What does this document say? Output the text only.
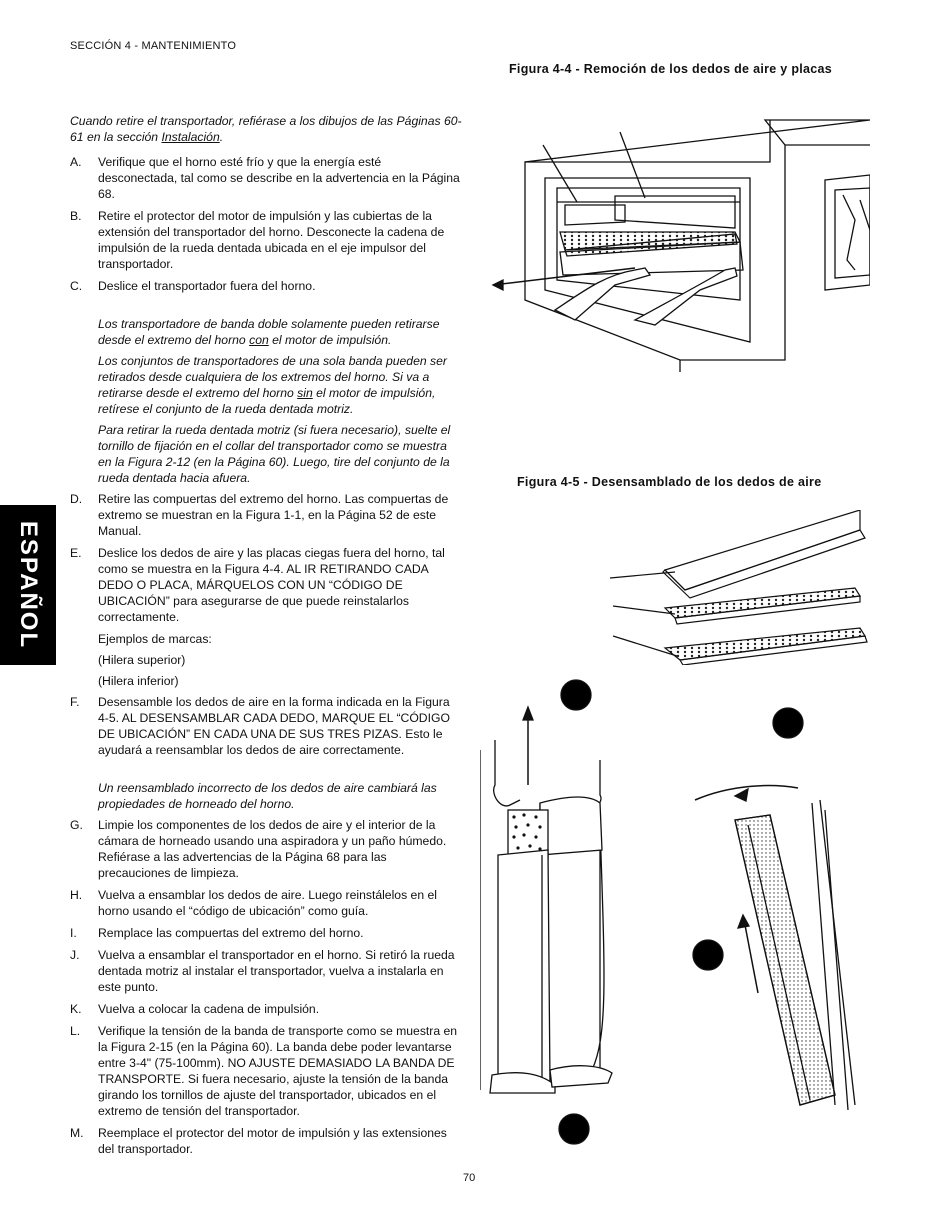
SECCIÓN 4 - MANTENIMIENTO
Figura 4-4 - Remoción de los dedos de aire y placas
Figura 4-5 - Desensamblado de los dedos de aire
Cuando retire el transportador, refiérase a los dibujos de las Páginas 60-61 en la sección Instalación.
A.	Verifique que el horno esté frío y que la energía esté desconectada, tal como se describe en la advertencia en la Página 68.
B.	Retire el protector del motor de impulsión y las cubiertas de la extensión del transportador del horno. Desconecte la cadena de impulsión de la rueda dentada ubicada en el eje impulsor del transportador.
C.	Deslice el transportador fuera del horno.
Los transportadore de banda doble solamente pueden retirarse desde el extremo del horno con el motor de impulsión.
Los conjuntos de transportadores de una sola banda pueden ser retirados desde cualquiera de los extremos del horno. Si va a retirarse desde el extremo del horno sin el motor de impulsión, retírese el conjunto de la rueda dentada motriz.
Para retirar la rueda dentada motriz (si fuera necesario), suelte el tornillo de fijación en el collar del transportador como se muestra en la Figura 2-12 (en la Página 60). Luego, tire del conjunto de la rueda dentada hacia afuera.
D.	Retire las compuertas del extremo del horno. Las compuertas de extremo se muestran en la Figura 1-1, en la Página 52 de este Manual.
E.	Deslice los dedos de aire y las placas ciegas fuera del horno, tal como se muestra en la Figura 4-4. AL IR RETIRANDO CADA DEDO O PLACA, MÁRQUELOS CON UN “CÓDIGO DE UBICACIÓN” para asegurarse de que puede reinstalarlos correctamente.
Ejemplos de marcas:
(Hilera superior)
(Hilera inferior)
F.	Desensamble los dedos de aire en la forma indicada en la Figura 4-5. AL DESENSAMBLAR CADA DEDO, MARQUE EL “CÓDIGO DE UBICACIÓN” EN CADA UNA DE SUS TRES PIZAS. Esto le ayudará a reensamblar los dedos de aire correctamente.
Un reensamblado incorrecto de los dedos de aire cambiará las propiedades de horneado del horno.
G.	Limpie los componentes de los dedos de aire y el interior de la cámara de horneado usando una aspiradora y un paño húmedo. Refiérase a las advertencias de la Página 68 para las precauciones de limpieza.
H.	Vuelva a ensamblar los dedos de aire. Luego reinstálelos en el horno usando el “código de ubicación” como guía.
I.	Remplace las compuertas del extremo del horno.
J.	Vuelva a ensamblar el transportador en el horno. Si retiró la rueda dentada motriz al instalar el transportador, vuelva a instalarla en este punto.
K.	Vuelva a colocar la cadena de impulsión.
L.	Verifique la tensión de la banda de transporte como se muestra en la Figura 2-15 (en la Página 60). La banda debe poder levantarse entre 3-4" (75-100mm). NO AJUSTE DEMASIADO LA BANDA DE TRANSPORTE. Si fuera necesario, ajuste la tensión de la banda girando los tornillos de ajuste del transportador, ubicados en el extremo de tensión del transportador.
M.	Reemplace el protector del motor de impulsión y las extensiones del transportador.
ESPAÑOL
70
